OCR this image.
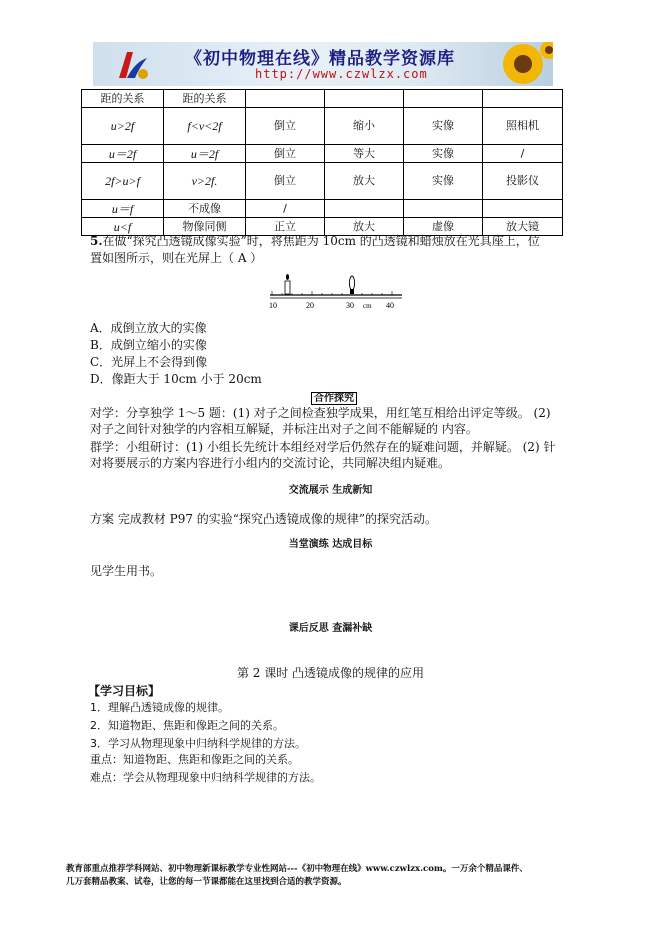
《初中物理在线》精品教学资源库
http://www.czwlzx.com
距的关系	距的关系				
u>2f	f<v<2f	倒立	缩小	实像	照相机
u＝2f	u＝2f	倒立	等大	实像	/
2f>u>f	v>2f.	倒立	放大	实像	投影仪
u＝f	不成像	/			
u<f	物像同侧	正立	放大	虚像	放大镜
5.在做“探究凸透镜成像实验”时，将焦距为 10cm 的凸透镜和蜡烛放在光具座上，位
置如图所示，则在光屏上（ A ）
10	20	30 cm 40
A．成倒立放大的实像
B．成倒立缩小的实像
C．光屏上不会得到像
D．像距大于 10cm 小于 20cm
合作探究
对学：分享独学 1～5 题：(1) 对子之间检查独学成果，用红笔互相给出评定等级。 (2)
对子之间针对独学的内容相互解疑，并标注出对子之间不能解疑的 内容。
群学：小组研讨：(1) 小组长先统计本组经对学后仍然存在的疑难问题，并解疑。 (2) 针
对将要展示的方案内容进行小组内的交流讨论，共同解决组内疑难。
交流展示 生成新知
方案 完成教材 P97 的实验“探究凸透镜成像的规律”的探究活动。
当堂演练 达成目标
见学生用书。
课后反思 查漏补缺
第 2 课时 凸透镜成像的规律的应用
【学习目标】
1．理解凸透镜成像的规律。
2．知道物距、焦距和像距之间的关系。
3．学习从物理现象中归纳科学规律的方法。
重点：知道物距、焦距和像距之间的关系。
难点：学会从物理现象中归纳科学规律的方法。
教育部重点推荐学科网站、初中物理新课标教学专业性网站---《初中物理在线》www.czwlzx.com。一万余个精品课件、
几万套精品教案、试卷，让您的每一节课都能在这里找到合适的教学资源。
